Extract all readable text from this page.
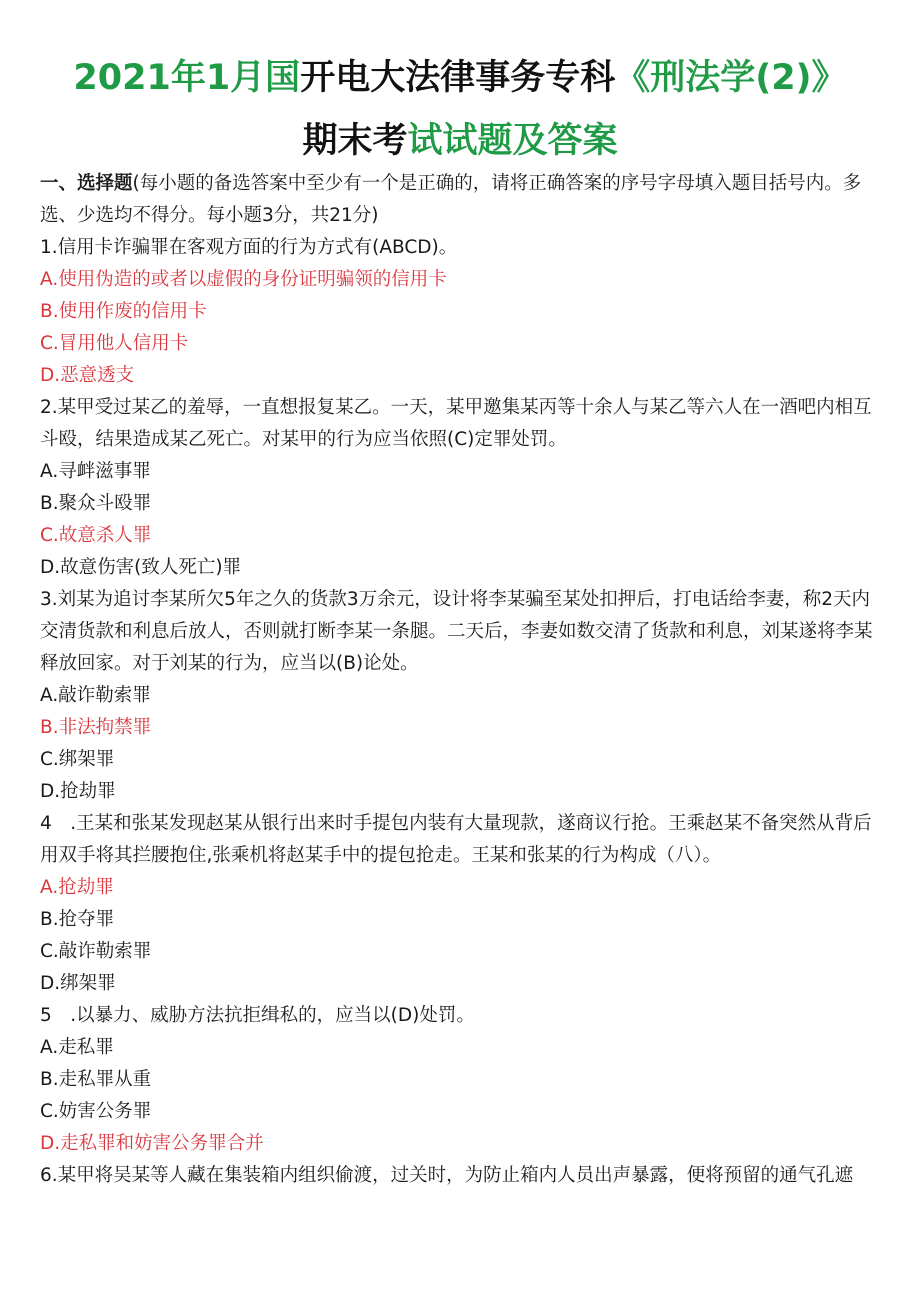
2021年1月国开电大法律事务专科《刑法学(2)》
期末考试试题及答案

一、选择题(每小题的备选答案中至少有一个是正确的，请将正确答案的序号字母填入题目括号内。多选、少选均不得分。每小题3分，共21分)

1.信用卡诈骗罪在客观方面的行为方式有(ABCD)。

A.使用伪造的或者以虚假的身份证明骗领的信用卡

B.使用作废的信用卡

C.冒用他人信用卡

D.恶意透支

2.某甲受过某乙的羞辱，一直想报复某乙。一天，某甲邀集某丙等十余人与某乙等六人在一酒吧内相互斗殴，结果造成某乙死亡。对某甲的行为应当依照(C)定罪处罚。

A.寻衅滋事罪

B.聚众斗殴罪

C.故意杀人罪

D.故意伤害(致人死亡)罪

3.刘某为追讨李某所欠5年之久的货款3万余元，设计将李某骗至某处扣押后，打电话给李妻，称2天内交清货款和利息后放人，否则就打断李某一条腿。二天后，李妻如数交清了货款和利息，刘某遂将李某释放回家。对于刘某的行为，应当以(B)论处。

A.敲诈勒索罪

B.非法拘禁罪

C.绑架罪

D.抢劫罪

4　.王某和张某发现赵某从银行出来时手提包内装有大量现款，遂商议行抢。王乘赵某不备突然从背后用双手将其拦腰抱住,张乘机将赵某手中的提包抢走。王某和张某的行为构成（八）。

A.抢劫罪

B.抢夺罪

C.敲诈勒索罪

D.绑架罪

5　.以暴力、威胁方法抗拒缉私的，应当以(D)处罚。

A.走私罪

B.走私罪从重

C.妨害公务罪

D.走私罪和妨害公务罪合并

6.某甲将吴某等人藏在集装箱内组织偷渡，过关时，为防止箱内人员出声暴露，便将预留的通气孔遮
